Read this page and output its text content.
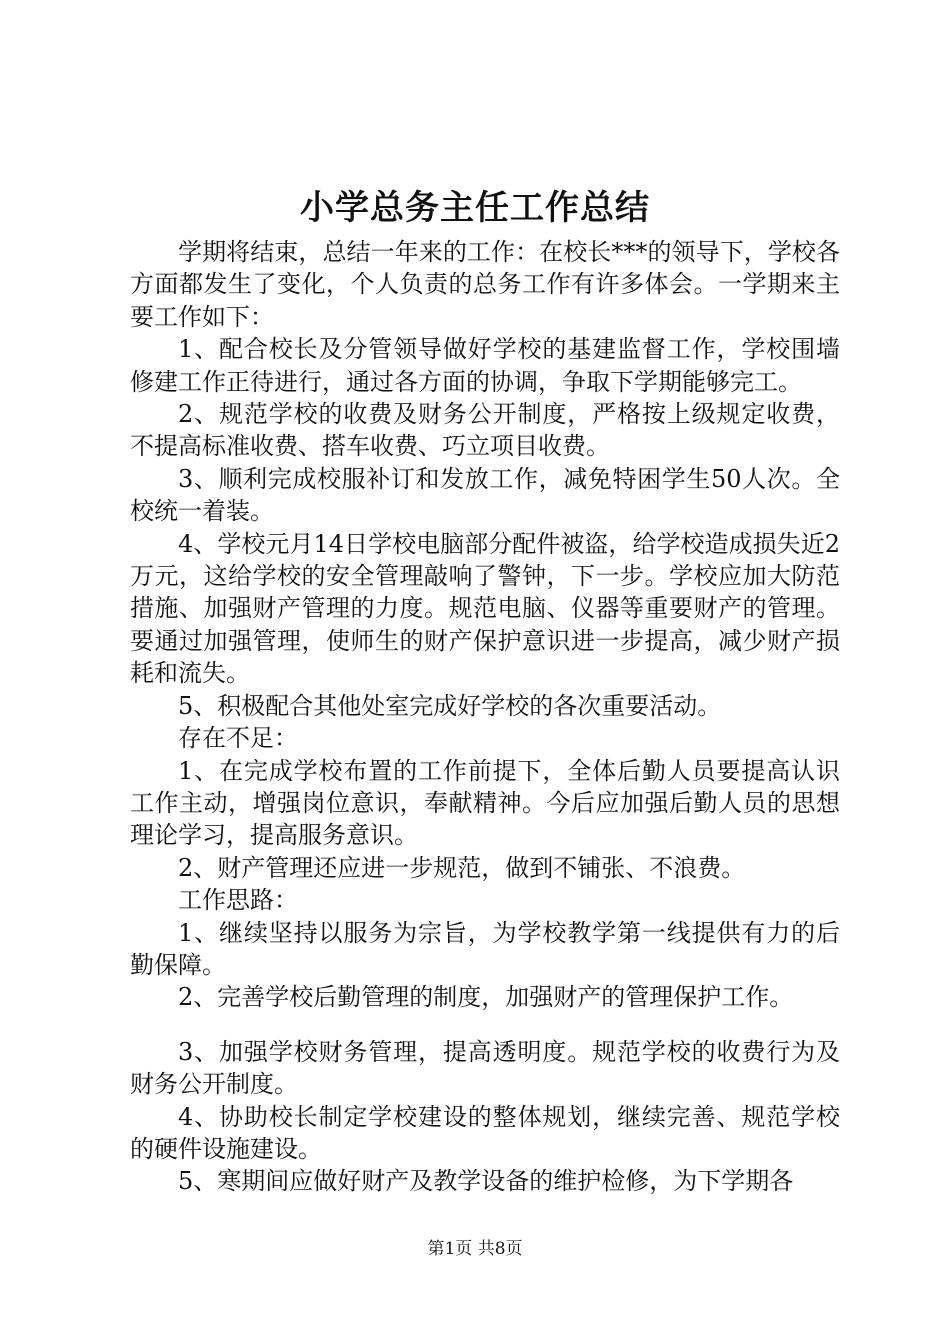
小学总务主任工作总结

学期将结束，总结一年来的工作：在校长***的领导下，学校各方面都发生了变化，个人负责的总务工作有许多体会。一学期来主要工作如下：

1、配合校长及分管领导做好学校的基建监督工作，学校围墙修建工作正待进行，通过各方面的协调，争取下学期能够完工。

2、规范学校的收费及财务公开制度，严格按上级规定收费，不提高标准收费、搭车收费、巧立项目收费。

3、顺利完成校服补订和发放工作，减免特困学生50人次。全校统一着装。

4、学校元月14日学校电脑部分配件被盗，给学校造成损失近2万元，这给学校的安全管理敲响了警钟，下一步。学校应加大防范措施、加强财产管理的力度。规范电脑、仪器等重要财产的管理。要通过加强管理，使师生的财产保护意识进一步提高，减少财产损耗和流失。

5、积极配合其他处室完成好学校的各次重要活动。

存在不足：

1、在完成学校布置的工作前提下，全体后勤人员要提高认识工作主动，增强岗位意识，奉献精神。今后应加强后勤人员的思想理论学习，提高服务意识。

2、财产管理还应进一步规范，做到不铺张、不浪费。

工作思路：

1、继续坚持以服务为宗旨，为学校教学第一线提供有力的后勤保障。

2、完善学校后勤管理的制度，加强财产的管理保护工作。

3、加强学校财务管理，提高透明度。规范学校的收费行为及财务公开制度。

4、协助校长制定学校建设的整体规划，继续完善、规范学校的硬件设施建设。

5、寒期间应做好财产及教学设备的维护检修，为下学期各

第1页 共8页
